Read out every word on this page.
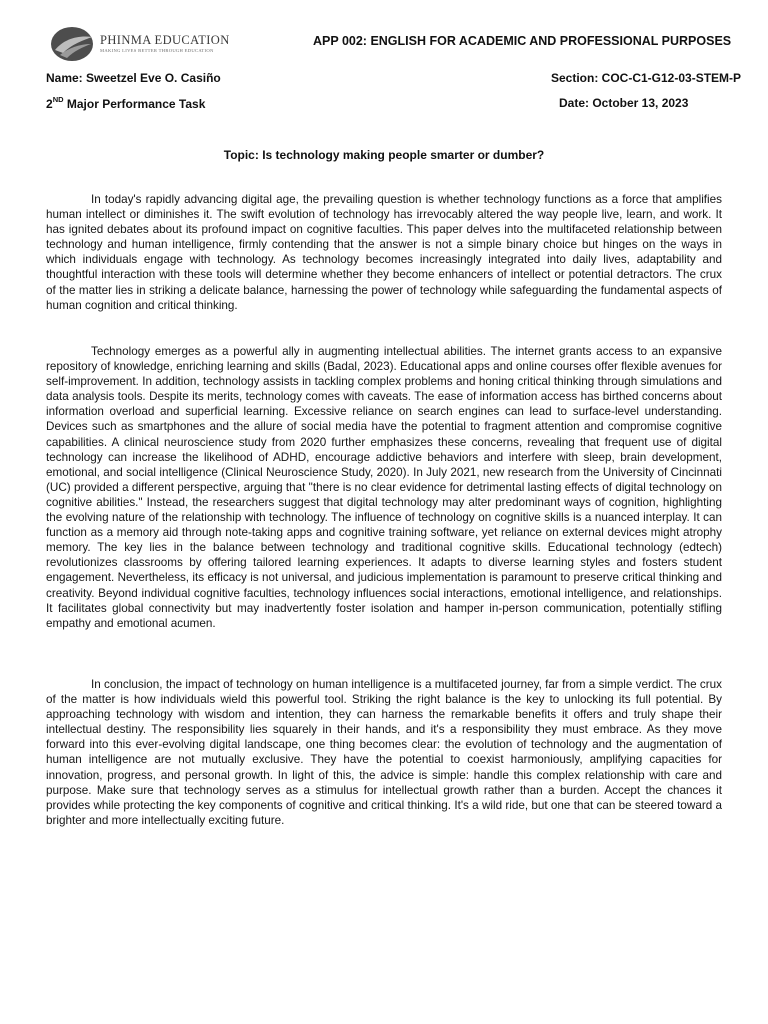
PHINMA EDUCATION
MAKING LIVES BETTER THROUGH EDUCATION
APP 002: ENGLISH FOR ACADEMIC AND PROFESSIONAL PURPOSES
Name: Sweetzel Eve O. Casiño	Section: COC-C1-G12-03-STEM-P
2ND Major Performance Task	Date: October 13, 2023
Topic: Is technology making people smarter or dumber?

In today's rapidly advancing digital age, the prevailing question is whether technology functions as a force that amplifies human intellect or diminishes it. The swift evolution of technology has irrevocably altered the way people live, learn, and work. It has ignited debates about its profound impact on cognitive faculties. This paper delves into the multifaceted relationship between technology and human intelligence, firmly contending that the answer is not a simple binary choice but hinges on the ways in which individuals engage with technology. As technology becomes increasingly integrated into daily lives, adaptability and thoughtful interaction with these tools will determine whether they become enhancers of intellect or potential detractors. The crux of the matter lies in striking a delicate balance, harnessing the power of technology while safeguarding the fundamental aspects of human cognition and critical thinking.

Technology emerges as a powerful ally in augmenting intellectual abilities. The internet grants access to an expansive repository of knowledge, enriching learning and skills (Badal, 2023). Educational apps and online courses offer flexible avenues for self-improvement. In addition, technology assists in tackling complex problems and honing critical thinking through simulations and data analysis tools. Despite its merits, technology comes with caveats. The ease of information access has birthed concerns about information overload and superficial learning. Excessive reliance on search engines can lead to surface-level understanding. Devices such as smartphones and the allure of social media have the potential to fragment attention and compromise cognitive capabilities. A clinical neuroscience study from 2020 further emphasizes these concerns, revealing that frequent use of digital technology can increase the likelihood of ADHD, encourage addictive behaviors and interfere with sleep, brain development, emotional, and social intelligence (Clinical Neuroscience Study, 2020). In July 2021, new research from the University of Cincinnati (UC) provided a different perspective, arguing that "there is no clear evidence for detrimental lasting effects of digital technology on cognitive abilities." Instead, the researchers suggest that digital technology may alter predominant ways of cognition, highlighting the evolving nature of the relationship with technology. The influence of technology on cognitive skills is a nuanced interplay. It can function as a memory aid through note-taking apps and cognitive training software, yet reliance on external devices might atrophy memory. The key lies in the balance between technology and traditional cognitive skills. Educational technology (edtech) revolutionizes classrooms by offering tailored learning experiences. It adapts to diverse learning styles and fosters student engagement. Nevertheless, its efficacy is not universal, and judicious implementation is paramount to preserve critical thinking and creativity. Beyond individual cognitive faculties, technology influences social interactions, emotional intelligence, and relationships. It facilitates global connectivity but may inadvertently foster isolation and hamper in-person communication, potentially stifling empathy and emotional acumen.

In conclusion, the impact of technology on human intelligence is a multifaceted journey, far from a simple verdict. The crux of the matter is how individuals wield this powerful tool. Striking the right balance is the key to unlocking its full potential. By approaching technology with wisdom and intention, they can harness the remarkable benefits it offers and truly shape their intellectual destiny. The responsibility lies squarely in their hands, and it's a responsibility they must embrace. As they move forward into this ever-evolving digital landscape, one thing becomes clear: the evolution of technology and the augmentation of human intelligence are not mutually exclusive. They have the potential to coexist harmoniously, amplifying capacities for innovation, progress, and personal growth. In light of this, the advice is simple: handle this complex relationship with care and purpose. Make sure that technology serves as a stimulus for intellectual growth rather than a burden. Accept the chances it provides while protecting the key components of cognitive and critical thinking. It's a wild ride, but one that can be steered toward a brighter and more intellectually exciting future.
